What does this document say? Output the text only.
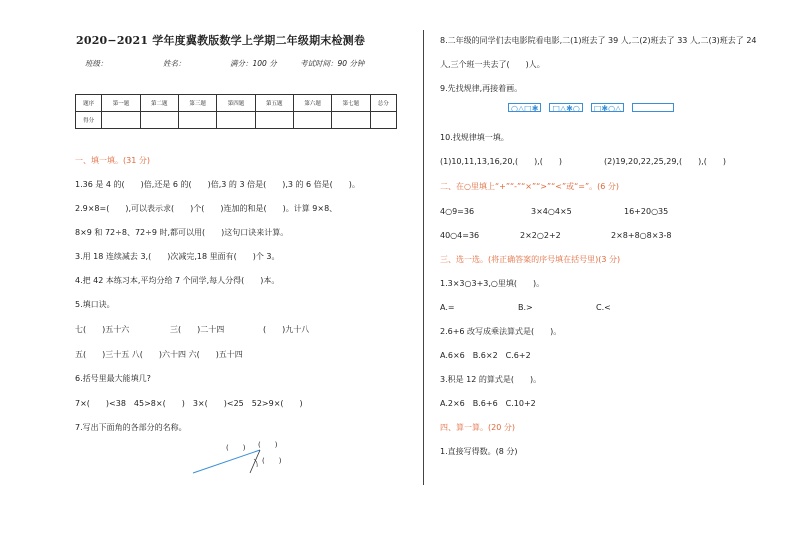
2020−2021 学年度冀教版数学上学期二年级期末检测卷
班级：	姓名：	满分：100 分	考试时间：90 分钟
题序	第一题	第二题	第三题	第四题	第五题	第六题	第七题	总分
得分								
一、填一填。(31 分)
1.36 是 4 的(　　)倍,还是 6 的(　　)倍,3 的 3 倍是(　　),3 的 6 倍是(　　)。
2.9×8=(　　),可以表示求(　　)个(　　)连加的和是(　　)。计算 9×8、
8×9 和 72÷8、72÷9 时,都可以用(　　)这句口诀来计算。
3.用 18 连续减去 3,(　　)次减完,18 里面有(　　)个 3。
4.把 42 本练习本,平均分给 7 个同学,每人分得(　　)本。
5.填口诀。
七(　　)五十六	三(　　)二十四	(　　)九十八
五(　　)三十五 八(　　)六十四 六(　　)五十四
6.括号里最大能填几?
7×(　　)<38　45>8×(　　)　3×(　　)<25　52>9×(　　)
7.写出下面角的各部分的名称。
(　　) (　　)
(　　)
8.二年级的同学们去电影院看电影,二(1)班去了 39 人,二(2)班去了 33 人,二(3)班去了 24
人,三个班一共去了(　　)人。
9.先找规律,再接着画。
○△□✱	□△✱○	□✱○△

10.找规律填一填。
(1)10,11,13,16,20,(　　),(　　)	(2)19,20,22,25,29,(　　),(　　)
二、在○里填上“+”“-”“×”“>”“<”或“=”。(6 分)
4○9=36	3×4○4×5	16+20○35
40○4=36	2×2○2+2	2×8+8○8×3-8
三、选一选。(将正确答案的序号填在括号里)(3 分)
1.3×3○3+3,○里填(　　)。
A.=	B.>	C.<
2.6+6 改写成乘法算式是(　　)。
A.6×6　B.6×2　C.6+2
3.积是 12 的算式是(　　)。
A.2×6　B.6+6　C.10+2
四、算一算。(20 分)
1.直接写得数。(8 分)
